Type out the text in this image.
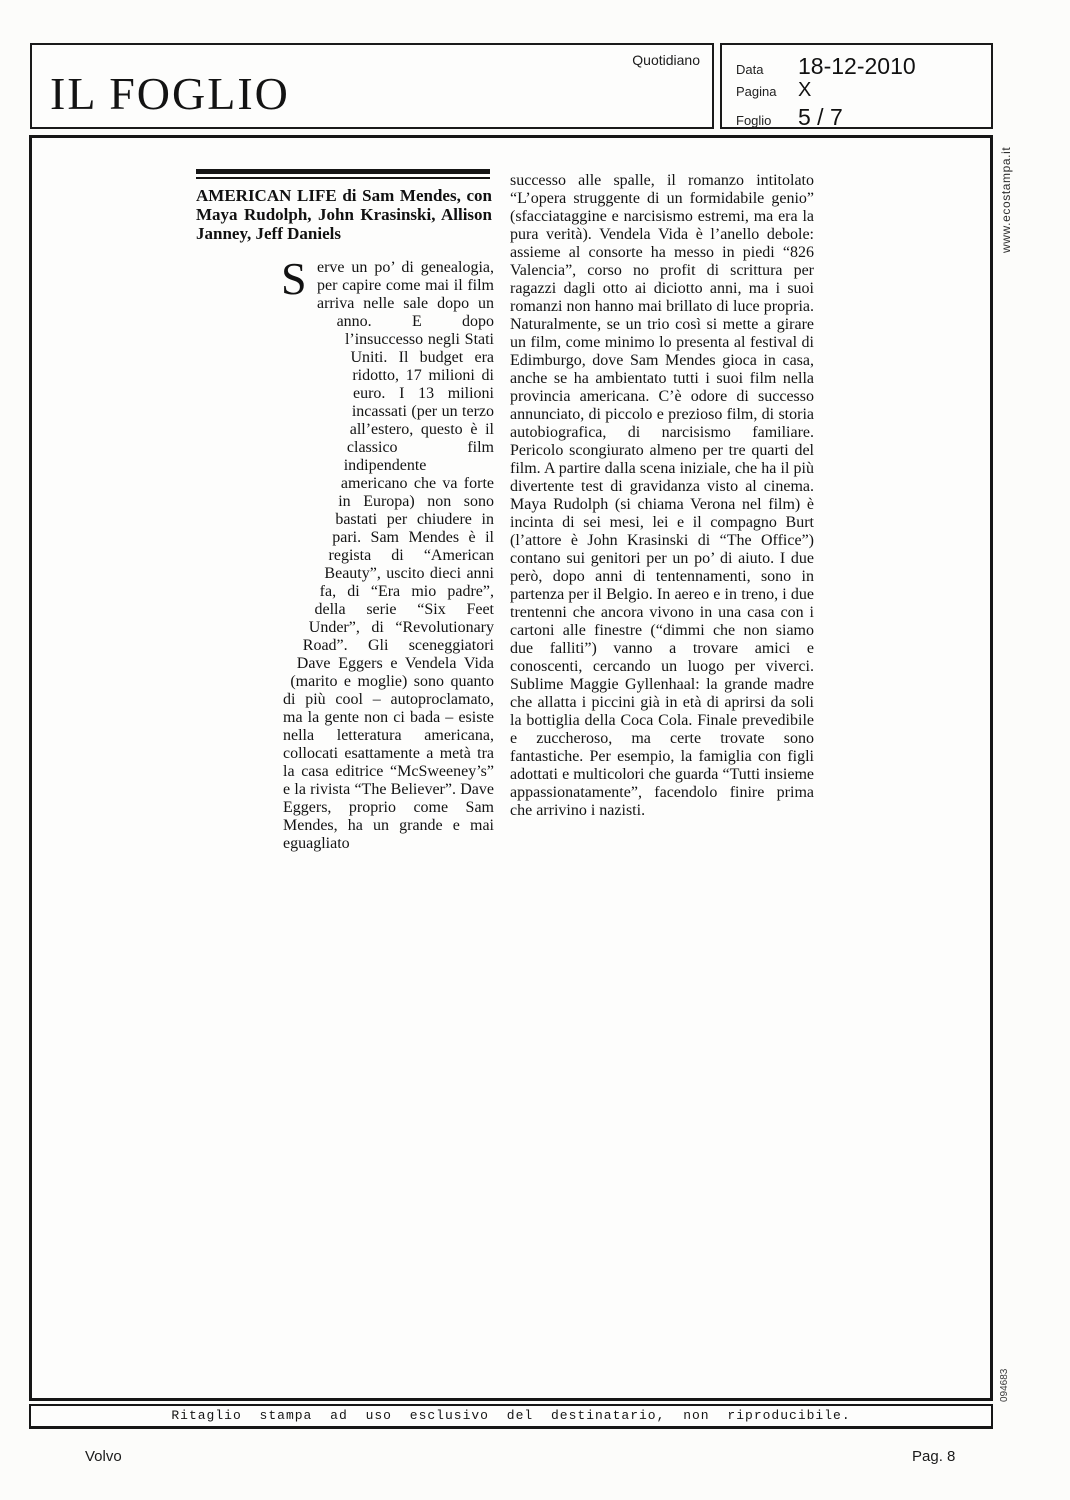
IL FOGLIO
Quotidiano
Data	18-12-2010
Pagina	X
Foglio	5 / 7
AMERICAN LIFE di Sam Mendes, con Maya Rudolph, John Krasinski, Allison Janney, Jeff Daniels
S erve un po’ di genealogia, per capire come mai il film arriva nelle sale dopo un anno. E dopo l’insuccesso negli Stati Uniti. Il budget era ridotto, 17 milioni di euro. I 13 milioni incassati (per un terzo all’estero, questo è il classico film indipendente americano che va forte in Europa) non sono bastati per chiudere in pari. Sam Mendes è il regista di “American Beauty”, uscito dieci anni fa, di “Era mio padre”, della serie “Six Feet Under”, di “Revolutionary Road”. Gli sceneggiatori Dave Eggers e Vendela Vida (marito e moglie) sono quanto di più cool – autoproclamato, ma la gente non ci bada – esiste nella letteratura americana, collocati esattamente a metà tra la casa editrice “McSweeney’s” e la rivista “The Believer”. Dave Eggers, proprio come Sam Mendes, ha un grande e mai eguagliato
successo alle spalle, il romanzo intitolato “L’opera struggente di un formidabile genio” (sfacciataggine e narcisismo estremi, ma era la pura verità). Vendela Vida è l’anello debole: assieme al consorte ha messo in piedi “826 Valencia”, corso no profit di scrittura per ragazzi dagli otto ai diciotto anni, ma i suoi romanzi non hanno mai brillato di luce propria. Naturalmente, se un trio così si mette a girare un film, come minimo lo presenta al festival di Edimburgo, dove Sam Mendes gioca in casa, anche se ha ambientato tutti i suoi film nella provincia americana. C’è odore di successo annunciato, di piccolo e prezioso film, di storia autobiografica, di narcisismo familiare. Pericolo scongiurato almeno per tre quarti del film. A partire dalla scena iniziale, che ha il più divertente test di gravidanza visto al cinema. Maya Rudolph (si chiama Verona nel film) è incinta di sei mesi, lei e il compagno Burt (l’attore è John Krasinski di “The Office”) contano sui genitori per un po’ di aiuto. I due però, dopo anni di tentennamenti, sono in partenza per il Belgio. In aereo e in treno, i due trentenni che ancora vivono in una casa con i cartoni alle finestre (“dimmi che non siamo due falliti”) vanno a trovare amici e conoscenti, cercando un luogo per viverci. Sublime Maggie Gyllenhaal: la grande madre che allatta i piccini già in età di aprirsi da soli la bottiglia della Coca Cola. Finale prevedibile e zuccheroso, ma certe trovate sono fantastiche. Per esempio, la famiglia con figli adottati e multicolori che guarda “Tutti insieme appassionatamente”, facendolo finire prima che arrivino i nazisti.
Ritaglio stampa ad uso esclusivo del destinatario, non riproducibile.
Volvo	Pag. 8
www.ecostampa.it
094683
